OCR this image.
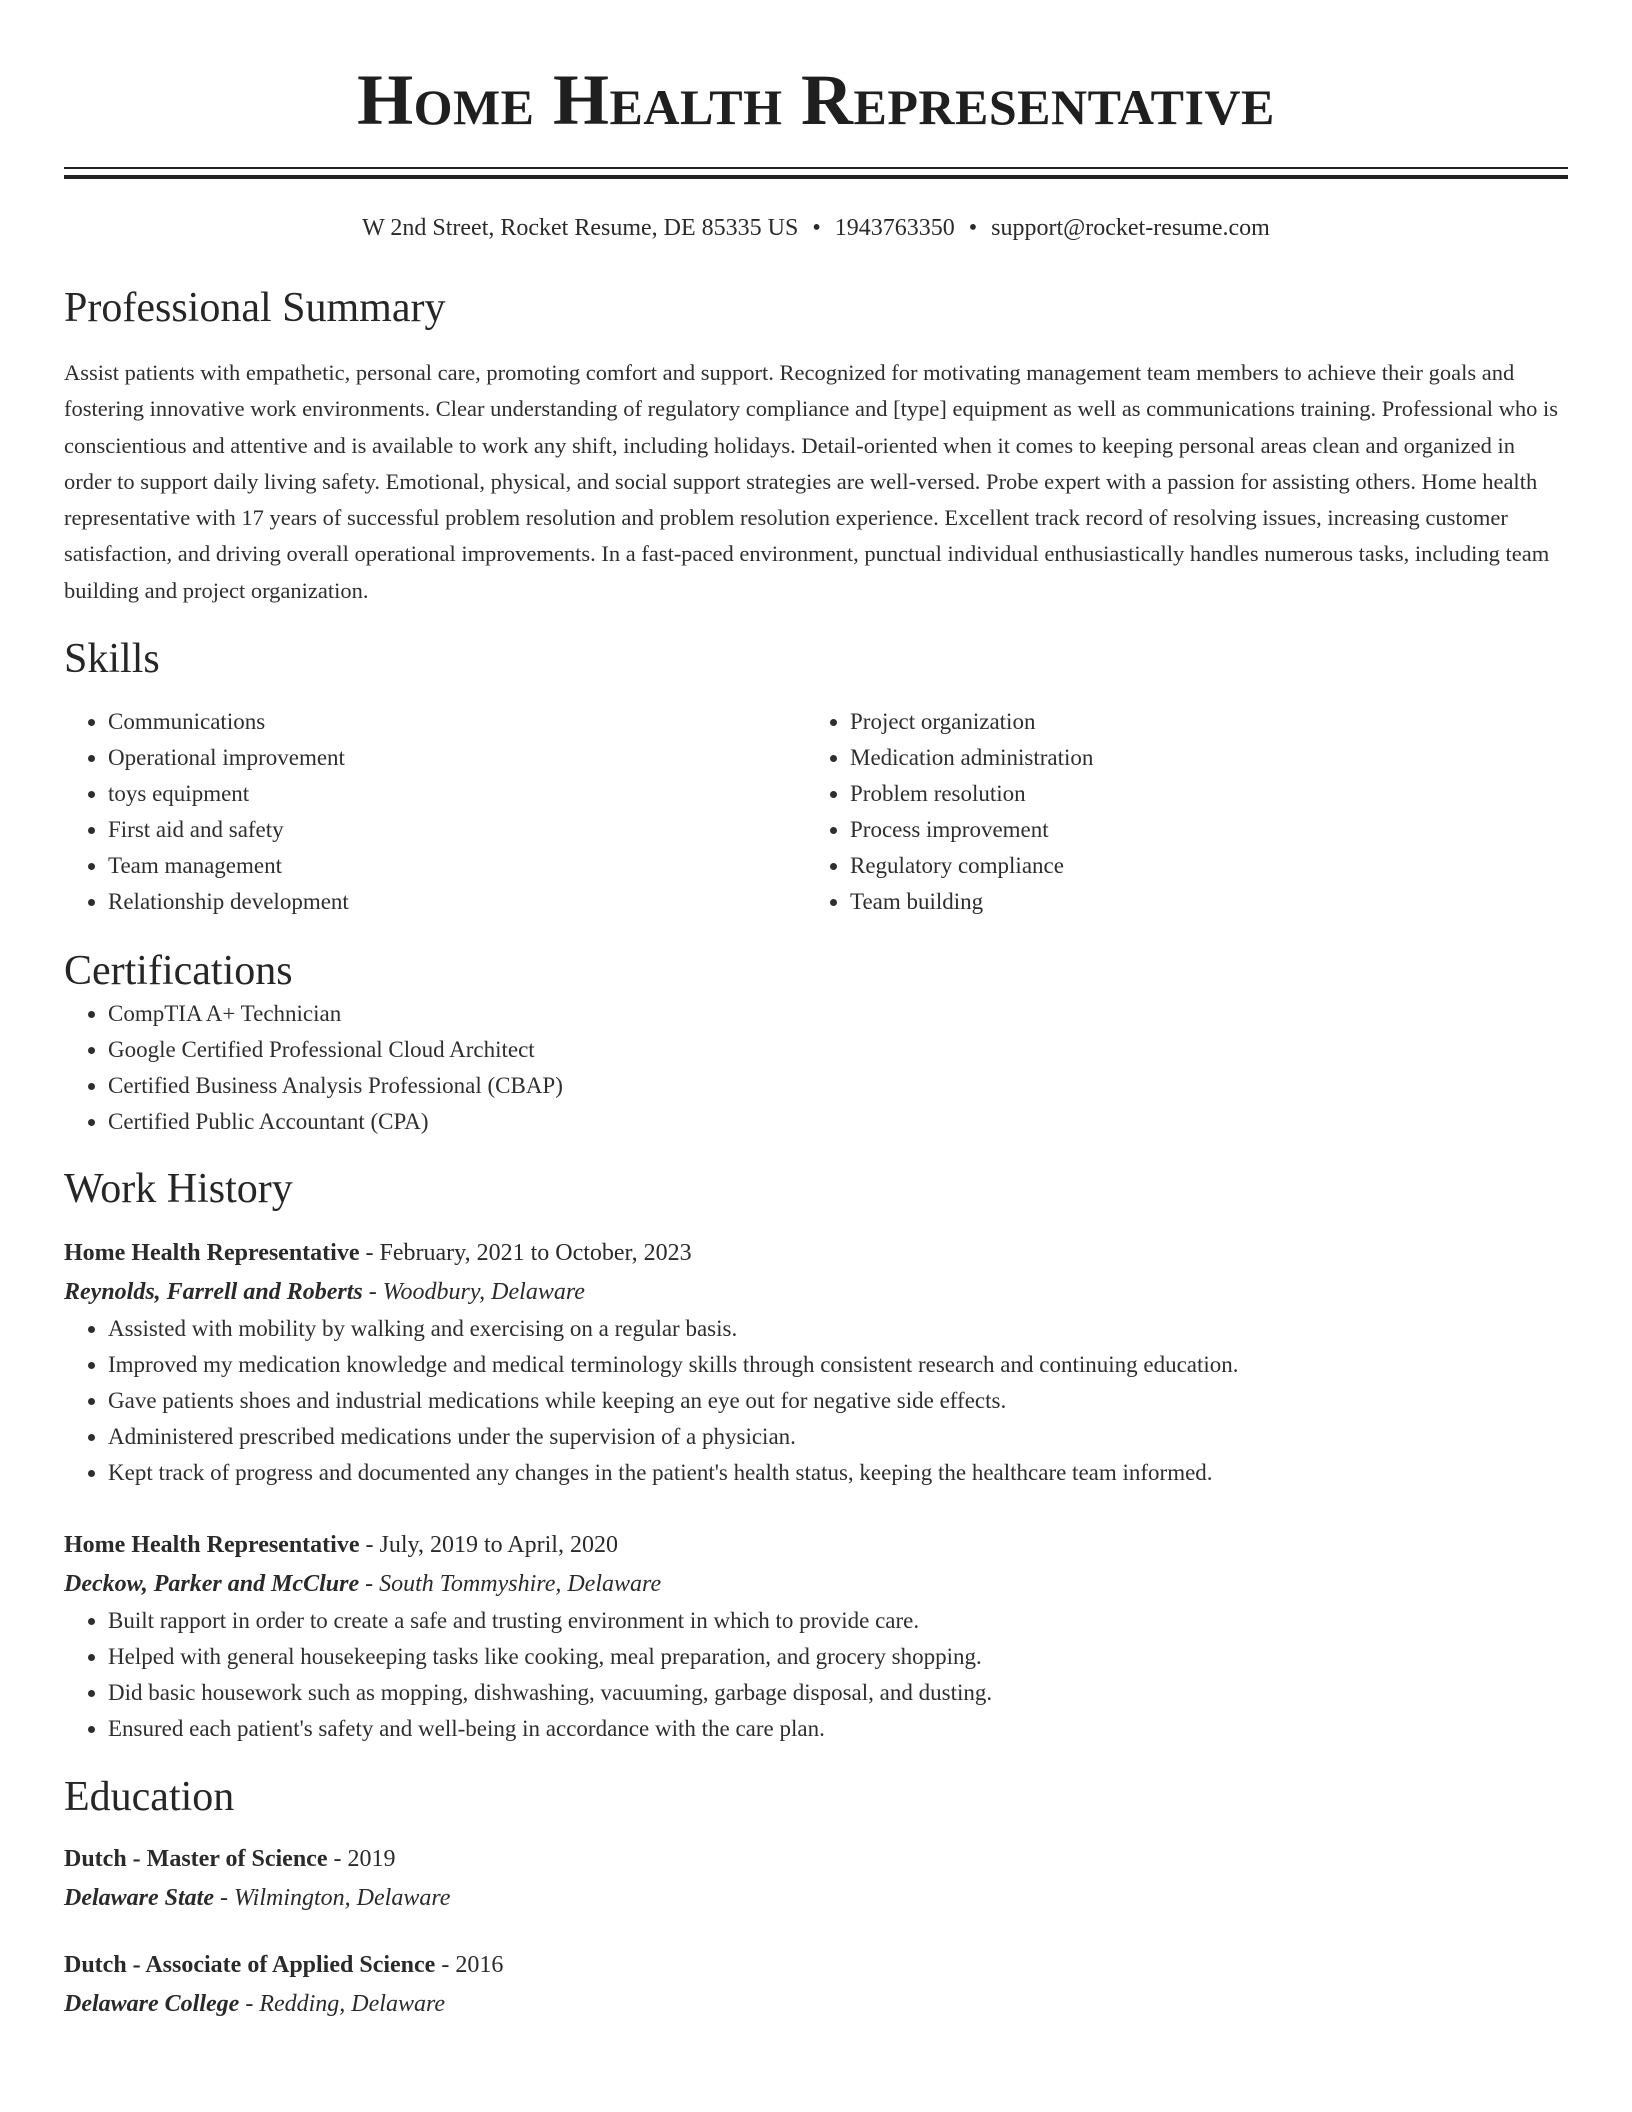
Home Health Representative
W 2nd Street, Rocket Resume, DE 85335 US • 1943763350 • support@rocket-resume.com
Professional Summary
Assist patients with empathetic, personal care, promoting comfort and support. Recognized for motivating management team members to achieve their goals and fostering innovative work environments. Clear understanding of regulatory compliance and [type] equipment as well as communications training. Professional who is conscientious and attentive and is available to work any shift, including holidays. Detail-oriented when it comes to keeping personal areas clean and organized in order to support daily living safety. Emotional, physical, and social support strategies are well-versed. Probe expert with a passion for assisting others. Home health representative with 17 years of successful problem resolution and problem resolution experience. Excellent track record of resolving issues, increasing customer satisfaction, and driving overall operational improvements. In a fast-paced environment, punctual individual enthusiastically handles numerous tasks, including team building and project organization.
Skills
• Communications
• Operational improvement
• toys equipment
• First aid and safety
• Team management
• Relationship development
• Project organization
• Medication administration
• Problem resolution
• Process improvement
• Regulatory compliance
• Team building
Certifications
• CompTIA A+ Technician
• Google Certified Professional Cloud Architect
• Certified Business Analysis Professional (CBAP)
• Certified Public Accountant (CPA)
Work History
Home Health Representative - February, 2021 to October, 2023
Reynolds, Farrell and Roberts - Woodbury, Delaware
• Assisted with mobility by walking and exercising on a regular basis.
• Improved my medication knowledge and medical terminology skills through consistent research and continuing education.
• Gave patients shoes and industrial medications while keeping an eye out for negative side effects.
• Administered prescribed medications under the supervision of a physician.
• Kept track of progress and documented any changes in the patient's health status, keeping the healthcare team informed.
Home Health Representative - July, 2019 to April, 2020
Deckow, Parker and McClure - South Tommyshire, Delaware
• Built rapport in order to create a safe and trusting environment in which to provide care.
• Helped with general housekeeping tasks like cooking, meal preparation, and grocery shopping.
• Did basic housework such as mopping, dishwashing, vacuuming, garbage disposal, and dusting.
• Ensured each patient's safety and well-being in accordance with the care plan.
Education
Dutch - Master of Science - 2019
Delaware State - Wilmington, Delaware
Dutch - Associate of Applied Science - 2016
Delaware College - Redding, Delaware
